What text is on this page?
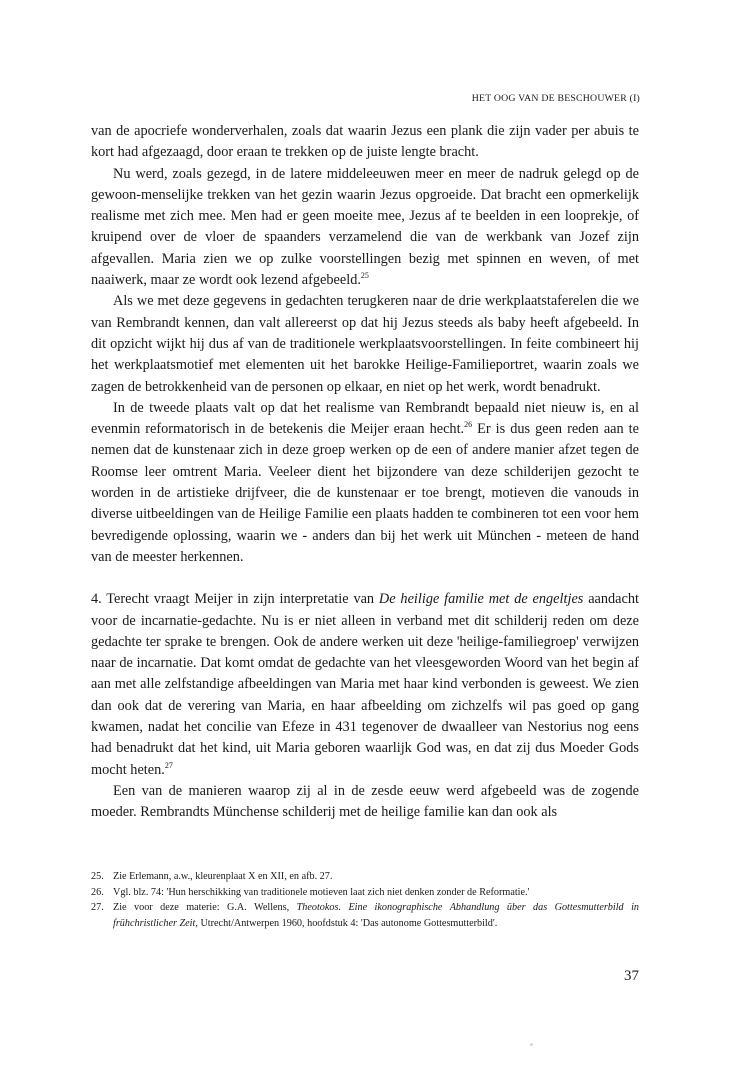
HET OOG VAN DE BESCHOUWER (I)

van de apocriefe wonderverhalen, zoals dat waarin Jezus een plank die zijn vader per abuis te kort had afgezaagd, door eraan te trekken op de juiste lengte bracht.

Nu werd, zoals gezegd, in de latere middeleeuwen meer en meer de nadruk gelegd op de gewoon-menselijke trekken van het gezin waarin Jezus opgroeide. Dat bracht een opmerkelijk realisme met zich mee. Men had er geen moeite mee, Jezus af te beelden in een looprekje, of kruipend over de vloer de spaanders verzamelend die van de werkbank van Jozef zijn afgevallen. Maria zien we op zulke voorstellingen bezig met spinnen en weven, of met naaiwerk, maar ze wordt ook lezend afgebeeld.$^{25}$

Als we met deze gegevens in gedachten terugkeren naar de drie werkplaatstaferelen die we van Rembrandt kennen, dan valt allereerst op dat hij Jezus steeds als baby heeft afgebeeld. In dit opzicht wijkt hij dus af van de traditionele werkplaatsvoorstellingen. In feite combineert hij het werkplaatsmotief met elementen uit het barokke Heilige-Familieportret, waarin zoals we zagen de betrokkenheid van de personen op elkaar, en niet op het werk, wordt benadrukt.

In de tweede plaats valt op dat het realisme van Rembrandt bepaald niet nieuw is, en al evenmin reformatorisch in de betekenis die Meijer eraan hecht.$^{26}$ Er is dus geen reden aan te nemen dat de kunstenaar zich in deze groep werken op de een of andere manier afzet tegen de Roomse leer omtrent Maria. Veeleer dient het bijzondere van deze schilderijen gezocht te worden in de artistieke drijfveer, die de kunstenaar er toe brengt, motieven die vanouds in diverse uitbeeldingen van de Heilige Familie een plaats hadden te combineren tot een voor hem bevredigende oplossing, waarin we - anders dan bij het werk uit München - meteen de hand van de meester herkennen.

4. Terecht vraagt Meijer in zijn interpretatie van De heilige familie met de engeltjes aandacht voor de incarnatie-gedachte. Nu is er niet alleen in verband met dit schilderij reden om deze gedachte ter sprake te brengen. Ook de andere werken uit deze 'heilige-familiegroep' verwijzen naar de incarnatie. Dat komt omdat de gedachte van het vleesgeworden Woord van het begin af aan met alle zelfstandige afbeeldingen van Maria met haar kind verbonden is geweest. We zien dan ook dat de verering van Maria, en haar afbeelding om zichzelfs wil pas goed op gang kwamen, nadat het concilie van Efeze in 431 tegenover de dwaalleer van Nestorius nog eens had benadrukt dat het kind, uit Maria geboren waarlijk God was, en dat zij dus Moeder Gods mocht heten.$^{27}$

Een van de manieren waarop zij al in de zesde eeuw werd afgebeeld was de zogende moeder. Rembrandts Münchense schilderij met de heilige familie kan dan ook als

25. Zie Erlemann, a.w., kleurenplaat X en XII, en afb. 27.
26. Vgl. blz. 74: 'Hun herschikking van traditionele motieven laat zich niet denken zonder de Reformatie.'
27. Zie voor deze materie: G.A. Wellens, Theotokos. Eine ikonographische Abhandlung über das Gottesmutterbild in frühchristlicher Zeit, Utrecht/Antwerpen 1960, hoofdstuk 4: 'Das autonome Gottesmutterbild'.
37
